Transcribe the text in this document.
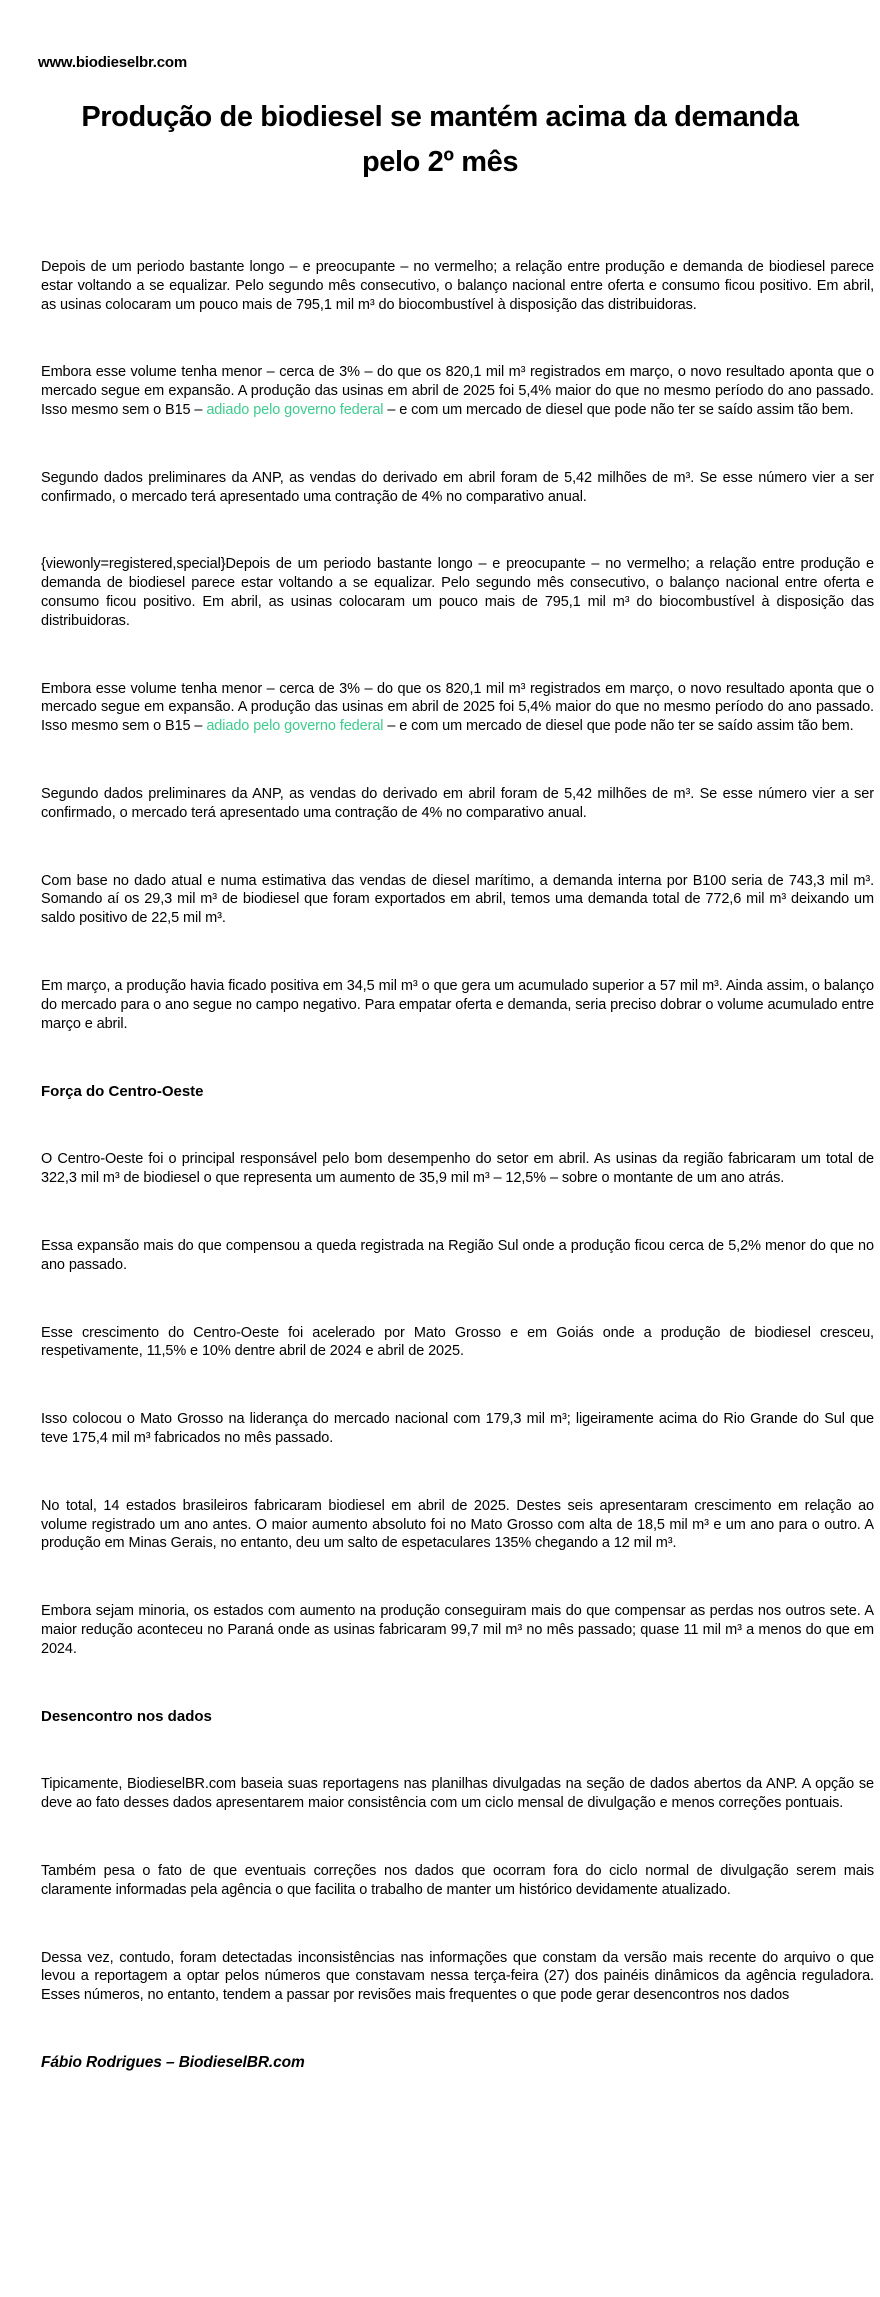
www.biodieselbr.com
Produção de biodiesel se mantém acima da demanda pelo 2º mês

Depois de um periodo bastante longo – e preocupante – no vermelho; a relação entre produção e demanda de biodiesel parece estar voltando a se equalizar. Pelo segundo mês consecutivo, o balanço nacional entre oferta e consumo ficou positivo. Em abril, as usinas colocaram um pouco mais de 795,1 mil m³ do biocombustível à disposição das distribuidoras.

Embora esse volume tenha menor – cerca de 3% – do que os 820,1 mil m³ registrados em março, o novo resultado aponta que o mercado segue em expansão. A produção das usinas em abril de 2025 foi 5,4% maior do que no mesmo período do ano passado. Isso mesmo sem o B15 – adiado pelo governo federal – e com um mercado de diesel que pode não ter se saído assim tão bem.

Segundo dados preliminares da ANP, as vendas do derivado em abril foram de 5,42 milhões de m³. Se esse número vier a ser confirmado, o mercado terá apresentado uma contração de 4% no comparativo anual.

{viewonly=registered,special}Depois de um periodo bastante longo – e preocupante – no vermelho; a relação entre produção e demanda de biodiesel parece estar voltando a se equalizar. Pelo segundo mês consecutivo, o balanço nacional entre oferta e consumo ficou positivo. Em abril, as usinas colocaram um pouco mais de 795,1 mil m³ do biocombustível à disposição das distribuidoras.

Embora esse volume tenha menor – cerca de 3% – do que os 820,1 mil m³ registrados em março, o novo resultado aponta que o mercado segue em expansão. A produção das usinas em abril de 2025 foi 5,4% maior do que no mesmo período do ano passado. Isso mesmo sem o B15 – adiado pelo governo federal – e com um mercado de diesel que pode não ter se saído assim tão bem.

Segundo dados preliminares da ANP, as vendas do derivado em abril foram de 5,42 milhões de m³. Se esse número vier a ser confirmado, o mercado terá apresentado uma contração de 4% no comparativo anual.

Com base no dado atual e numa estimativa das vendas de diesel marítimo, a demanda interna por B100 seria de 743,3 mil m³. Somando aí os 29,3 mil m³ de biodiesel que foram exportados em abril, temos uma demanda total de 772,6 mil m³ deixando um saldo positivo de 22,5 mil m³.

Em março, a produção havia ficado positiva em 34,5 mil m³ o que gera um acumulado superior a 57 mil m³. Ainda assim, o balanço do mercado para o ano segue no campo negativo. Para empatar oferta e demanda, seria preciso dobrar o volume acumulado entre março e abril.

Força do Centro-Oeste

O Centro-Oeste foi o principal responsável pelo bom desempenho do setor em abril. As usinas da região fabricaram um total de 322,3 mil m³ de biodiesel o que representa um aumento de 35,9 mil m³ – 12,5% – sobre o montante de um ano atrás.

Essa expansão mais do que compensou a queda registrada na Região Sul onde a produção ficou cerca de 5,2% menor do que no ano passado.

Esse crescimento do Centro-Oeste foi acelerado por Mato Grosso e em Goiás onde a produção de biodiesel cresceu, respetivamente, 11,5% e 10% dentre abril de 2024 e abril de 2025.

Isso colocou o Mato Grosso na liderança do mercado nacional com 179,3 mil m³; ligeiramente acima do Rio Grande do Sul que teve 175,4 mil m³ fabricados no mês passado.

No total, 14 estados brasileiros fabricaram biodiesel em abril de 2025. Destes seis apresentaram crescimento em relação ao volume registrado um ano antes. O maior aumento absoluto foi no Mato Grosso com alta de 18,5 mil m³ e um ano para o outro. A produção em Minas Gerais, no entanto, deu um salto de espetaculares 135% chegando a 12 mil m³.

Embora sejam minoria, os estados com aumento na produção conseguiram mais do que compensar as perdas nos outros sete. A maior redução aconteceu no Paraná onde as usinas fabricaram 99,7 mil m³ no mês passado; quase 11 mil m³ a menos do que em 2024.

Desencontro nos dados

Tipicamente, BiodieselBR.com baseia suas reportagens nas planilhas divulgadas na seção de dados abertos da ANP. A opção se deve ao fato desses dados apresentarem maior consistência com um ciclo mensal de divulgação e menos correções pontuais.

Também pesa o fato de que eventuais correções nos dados que ocorram fora do ciclo normal de divulgação serem mais claramente informadas pela agência o que facilita o trabalho de manter um histórico devidamente atualizado.

Dessa vez, contudo, foram detectadas inconsistências nas informações que constam da versão mais recente do arquivo o que levou a reportagem a optar pelos números que constavam nessa terça-feira (27) dos painéis dinâmicos da agência reguladora. Esses números, no entanto, tendem a passar por revisões mais frequentes o que pode gerar desencontros nos dados

Fábio Rodrigues – BiodieselBR.com
